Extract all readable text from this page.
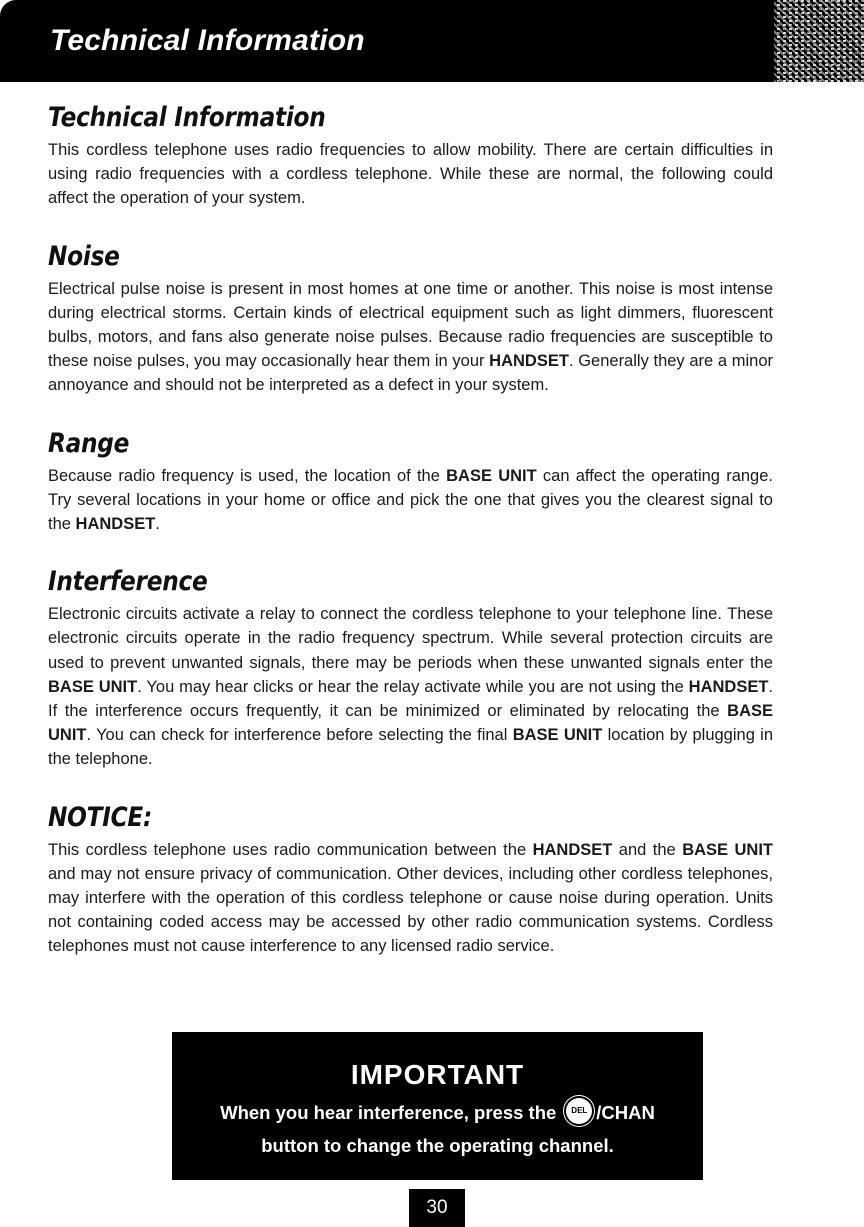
Technical Information
Technical Information

This cordless telephone uses radio frequencies to allow mobility. There are certain difficulties in using radio frequencies with a cordless telephone. While these are normal, the following could affect the operation of your system.

Noise

Electrical pulse noise is present in most homes at one time or another. This noise is most intense during electrical storms. Certain kinds of electrical equipment such as light dimmers, fluorescent bulbs, motors, and fans also generate noise pulses. Because radio frequencies are susceptible to these noise pulses, you may occasionally hear them in your HANDSET. Generally they are a minor annoyance and should not be interpreted as a defect in your system.

Range

Because radio frequency is used, the location of the BASE UNIT can affect the operating range. Try several locations in your home or office and pick the one that gives you the clearest signal to the HANDSET.

Interference

Electronic circuits activate a relay to connect the cordless telephone to your telephone line. These electronic circuits operate in the radio frequency spectrum. While several protection circuits are used to prevent unwanted signals, there may be periods when these unwanted signals enter the BASE UNIT. You may hear clicks or hear the relay activate while you are not using the HANDSET. If the interference occurs frequently, it can be minimized or eliminated by relocating the BASE UNIT. You can check for interference before selecting the final BASE UNIT location by plugging in the telephone.

NOTICE:

This cordless telephone uses radio communication between the HANDSET and the BASE UNIT and may not ensure privacy of communication. Other devices, including other cordless telephones, may interfere with the operation of this cordless telephone or cause noise during operation. Units not containing coded access may be accessed by other radio communication systems. Cordless telephones must not cause interference to any licensed radio service.

IMPORTANT
When you hear interference, press the DEL /CHAN
button to change the operating channel.
30
